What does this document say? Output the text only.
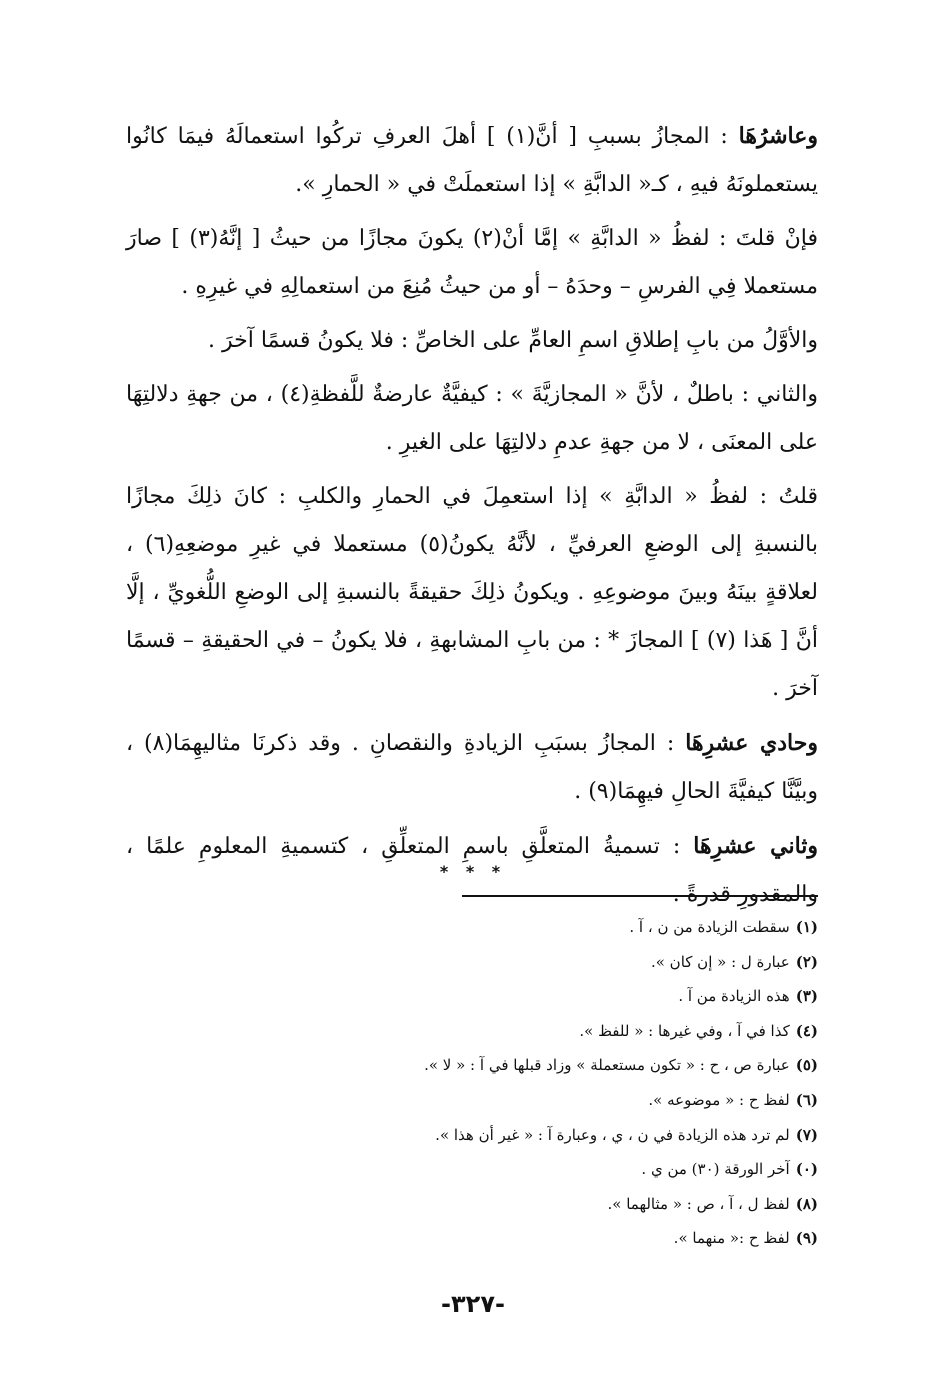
وعاشرُهَا : المجازُ بسببِ [ أنَّ(١) ] أهلَ العرفِ تركُوا استعمالَهُ فيمَا كانُوا يستعملونَهُ فيهِ ، كـ« الدابَّةِ » إذا استعملَتْ في « الحمارِ ».

فإنْ قلتَ : لفظُ « الدابَّةِ » إمَّا أنْ(٢) يكونَ مجازًا من حيثُ [ إنَّهُ(٣) ] صارَ مستعملا فِي الفرسِ – وحدَهُ – أو من حيثُ مُنِعَ من استعمالِهِ في غيرِهِ .

والأوَّلُ من بابِ إطلاقِ اسمِ العامِّ على الخاصِّ : فلا يكونُ قسمًا آخرَ .

والثاني : باطلٌ ، لأنَّ « المجازيَّةَ » : كيفيَّةٌ عارضةٌ للَّفظةِ(٤) ، من جهةِ دلالتِهَا على المعنَى ، لا من جهةِ عدمِ دلالتِهَا على الغيرِ .

قلتُ : لفظُ « الدابَّةِ » إذا استعمِلَ في الحمارِ والكلبِ : كانَ ذلِكَ مجازًا بالنسبةِ إلى الوضعِ العرفيِّ ، لأنَّهُ يكونُ(٥) مستعملا في غيرِ موضعِهِ(٦) ، لعلاقةٍ بينَهُ وبينَ موضوعِهِ . ويكونُ ذلِكَ حقيقةً بالنسبةِ إلى الوضعِ اللُّغويِّ ، إلَّا أنَّ [ هَذا (٧) ] المجازَ * : من بابِ المشابهةِ ، فلا يكونُ – في الحقيقةِ – قسمًا آخرَ .

وحادي عشرِهَا : المجازُ بسبَبِ الزيادةِ والنقصانِ . وقد ذكرنَا مثاليهِمَا(٨) ، وبيَّنَّا كيفيَّةَ الحالِ فيهِمَا(٩) .

وثاني عشرِهَا : تسميةُ المتعلَّقِ باسمِ المتعلِّقِ ، كتسميةِ المعلومِ علمًا ، والمقدورِ قدرةً .

* * *
(١)سقطت الزيادة من ن ، آ .
(٢)عبارة ل : « إن كان ».
(٣)هذه الزيادة من آ .
(٤)كذا في آ ، وفي غيرها : « للفظ ».
(٥)عبارة ص ، ح : « تكون مستعملة » وزاد قبلها في آ : « لا ».
(٦)لفظ ح : « موضوعه ».
(٧)لم ترد هذه الزيادة في ن ، ي ، وعبارة آ : « غير أن هذا ».
(٠)آخر الورقة (٣٠) من ي .
(٨)لفظ ل ، آ ، ص : « مثالهما ».
(٩)لفظ ح :« منهما ».
-٣٢٧-
